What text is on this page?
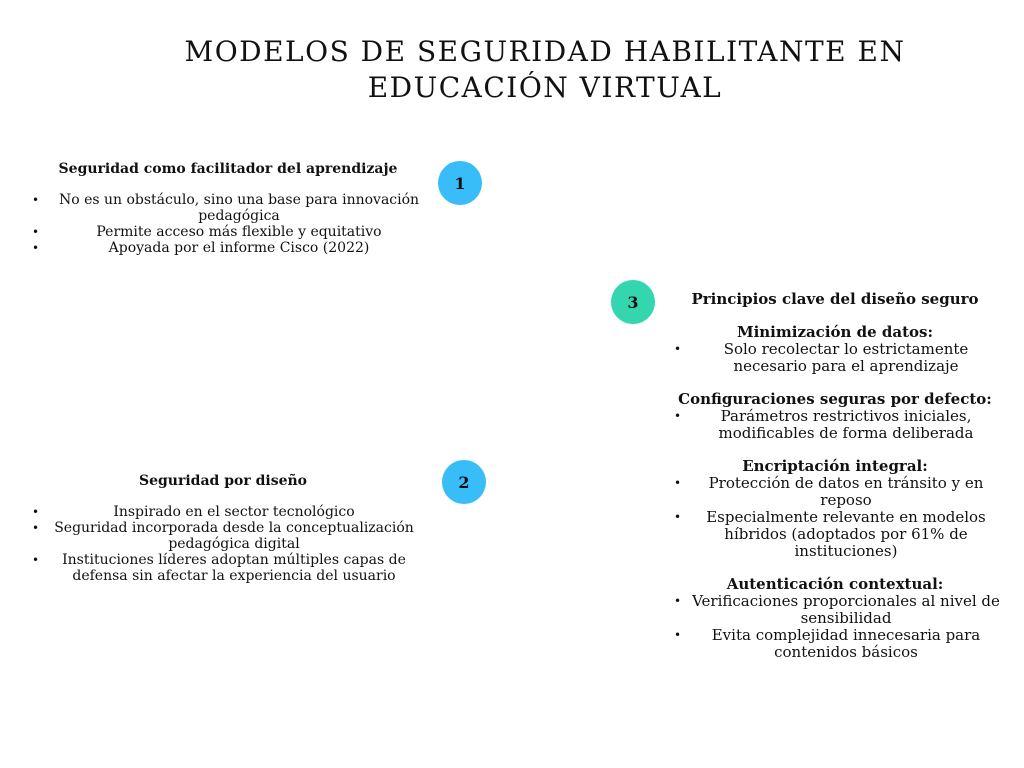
MODELOS DE SEGURIDAD HABILITANTE EN
EDUCACIÓN VIRTUAL
Seguridad como facilitador del aprendizaje
• No es un obstáculo, sino una base para innovación pedagógica
• Permite acceso más flexible y equitativo
• Apoyada por el informe Cisco (2022)
1
Seguridad por diseño
• Inspirado en el sector tecnológico
• Seguridad incorporada desde la conceptualización pedagógica digital
• Instituciones líderes adoptan múltiples capas de defensa sin afectar la experiencia del usuario
2
3	Principios clave del diseño seguro
Minimización de datos:
• Solo recolectar lo estrictamente necesario para el aprendizaje
Configuraciones seguras por defecto:
• Parámetros restrictivos iniciales, modificables de forma deliberada
Encriptación integral:
• Protección de datos en tránsito y en reposo
• Especialmente relevante en modelos híbridos (adoptados por 61% de instituciones)
Autenticación contextual:
• Verificaciones proporcionales al nivel de sensibilidad
• Evita complejidad innecesaria para contenidos básicos
